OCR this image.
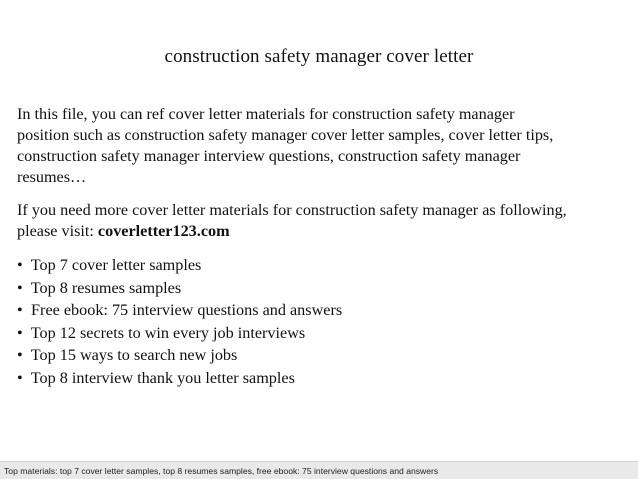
construction safety manager cover letter
In this file, you can ref cover letter materials for construction safety manager
position such as construction safety manager cover letter samples, cover letter tips,
construction safety manager interview questions, construction safety manager
resumes…
If you need more cover letter materials for construction safety manager as following,
please visit: coverletter123.com
• Top 7 cover letter samples
• Top 8 resumes samples
• Free ebook: 75 interview questions and answers
• Top 12 secrets to win every job interviews
• Top 15 ways to search new jobs
• Top 8 interview thank you letter samples
Top materials: top 7 cover letter samples, top 8 resumes samples, free ebook: 75 interview questions and answers
